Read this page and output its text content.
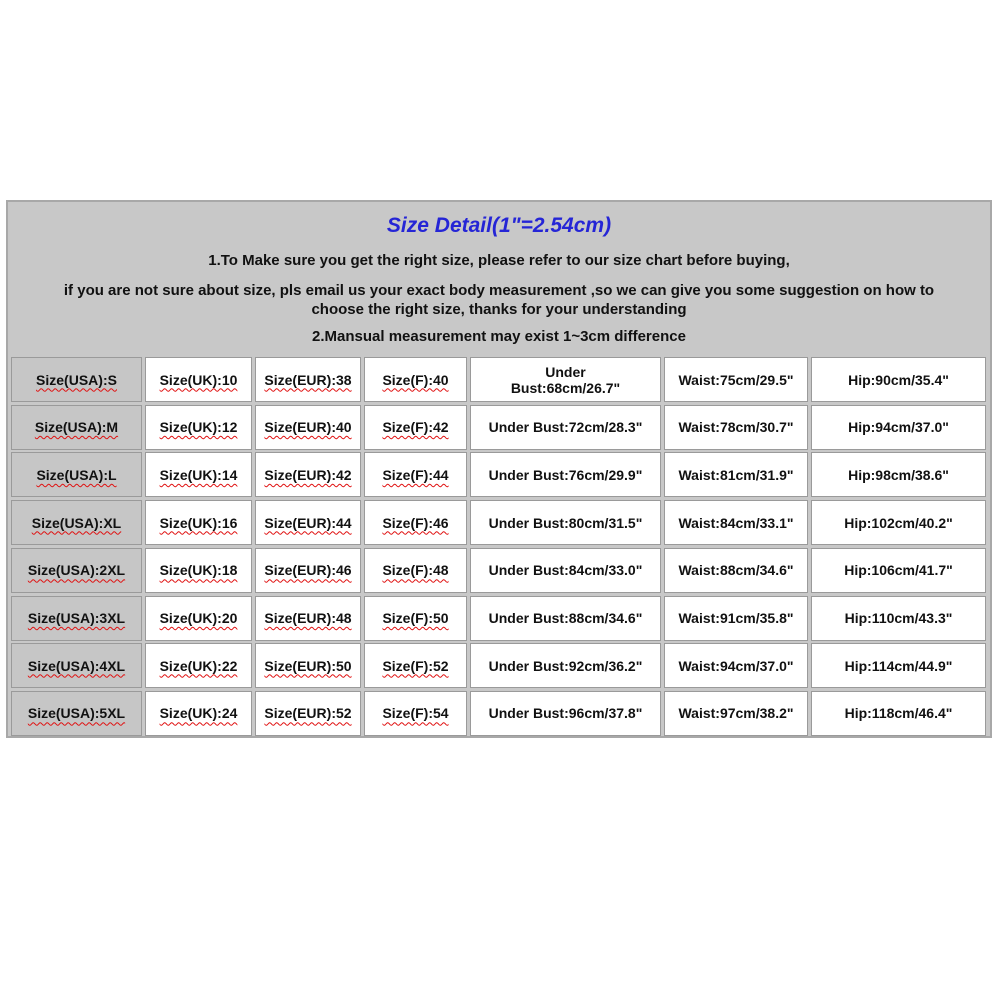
Size Detail(1"=2.54cm)
1.To Make sure you get the right size, please refer to our size chart before buying,
if you are not sure about size, pls email us your exact body measurement ,so we can give you some suggestion on how to choose the right size, thanks for your understanding
2.Mansual measurement may exist 1~3cm difference
Size(USA):S	Size(UK):10 Size(EUR):38 Size(F):40	Under Bust:68cm/26.7"	Waist:75cm/29.5"	Hip:90cm/35.4"
Size(USA):M	Size(UK):12 Size(EUR):40 Size(F):42	Under Bust:72cm/28.3"	Waist:78cm/30.7"	Hip:94cm/37.0"
Size(USA):L	Size(UK):14 Size(EUR):42 Size(F):44	Under Bust:76cm/29.9"	Waist:81cm/31.9"	Hip:98cm/38.6"
Size(USA):XL	Size(UK):16 Size(EUR):44 Size(F):46	Under Bust:80cm/31.5"	Waist:84cm/33.1"	Hip:102cm/40.2"
Size(USA):2XL Size(UK):18 Size(EUR):46 Size(F):48	Under Bust:84cm/33.0"	Waist:88cm/34.6"	Hip:106cm/41.7"
Size(USA):3XL Size(UK):20 Size(EUR):48 Size(F):50	Under Bust:88cm/34.6"	Waist:91cm/35.8"	Hip:110cm/43.3"
Size(USA):4XL Size(UK):22 Size(EUR):50 Size(F):52	Under Bust:92cm/36.2"	Waist:94cm/37.0"	Hip:114cm/44.9"
Size(USA):5XL Size(UK):24 Size(EUR):52 Size(F):54	Under Bust:96cm/37.8"	Waist:97cm/38.2"	Hip:118cm/46.4"
